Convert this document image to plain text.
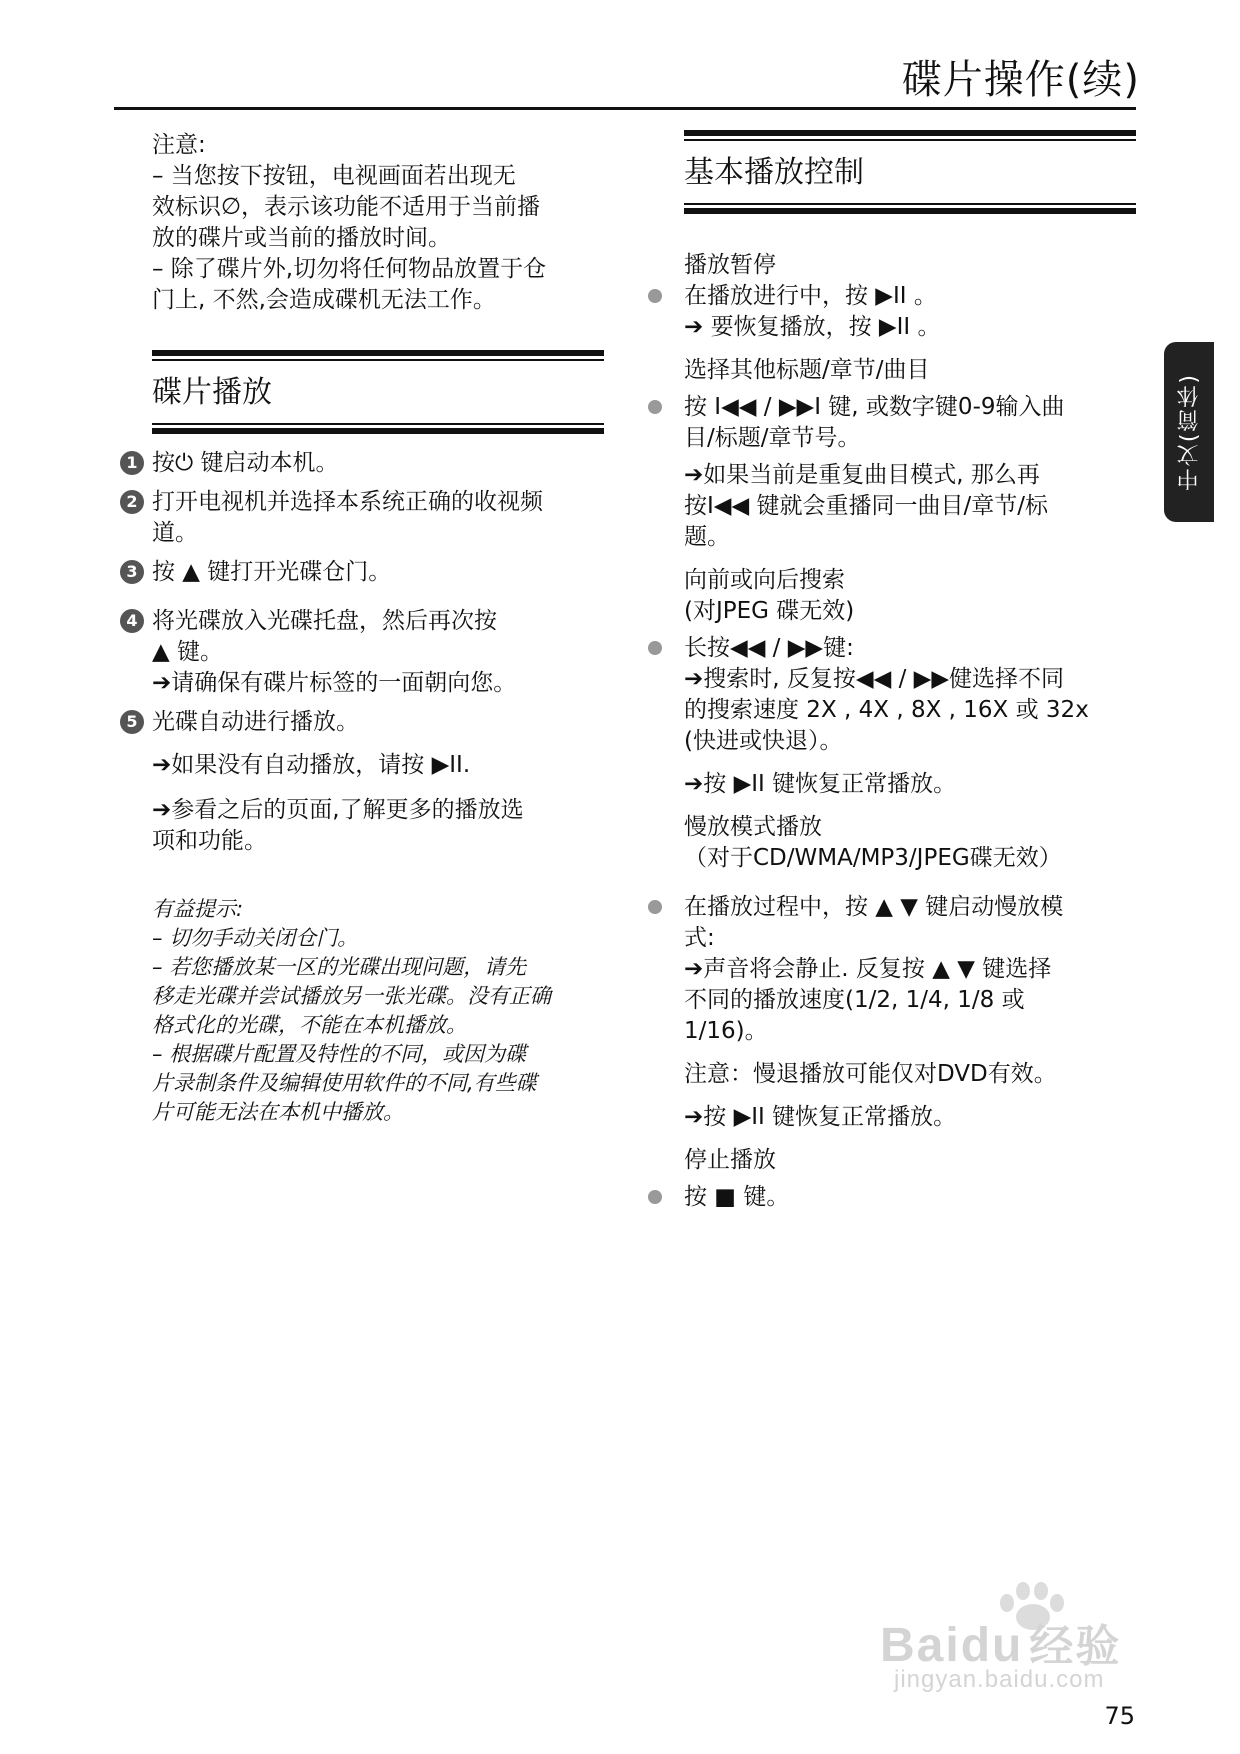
碟片操作(续)
中文(简体)

注意:

– 当您按下按钮，电视画面若出现无

效标识∅，表示该功能不适用于当前播

放的碟片或当前的播放时间。

– 除了碟片外,切勿将任何物品放置于仓

门上, 不然,会造成碟机无法工作。

碟片播放
1 按⏻ 键启动本机。

2 打开电视机并选择本系统正确的收视频

道。

3 按 ▲ 键打开光碟仓门。

4 将光碟放入光碟托盘，然后再次按

▲ 键。

➔请确保有碟片标签的一面朝向您。

5 光碟自动进行播放。

➔如果没有自动播放，请按 ▶II.

➔参看之后的页面,了解更多的播放选

项和功能。

有益提示:

– 切勿手动关闭仓门。

– 若您播放某一区的光碟出现问题，请先

移走光碟并尝试播放另一张光碟。没有正确

格式化的光碟，不能在本机播放。

– 根据碟片配置及特性的不同，或因为碟

片录制条件及编辑使用软件的不同,有些碟

片可能无法在本机中播放。

基本播放控制

播放暂停

在播放进行中，按 ▶II 。

➔ 要恢复播放，按 ▶II 。

选择其他标题/章节/曲目

按 I◀◀ / ▶▶I 键, 或数字键0-9输入曲

目/标题/章节号。

➔如果当前是重复曲目模式, 那么再

按I◀◀ 键就会重播同一曲目/章节/标

题。

向前或向后搜索

(对JPEG 碟无效)

长按◀◀ / ▶▶键:

➔搜索时, 反复按◀◀ / ▶▶健选择不同

的搜索速度 2X , 4X , 8X , 16X 或 32x

(快进或快退）。

➔按 ▶II 键恢复正常播放。

慢放模式播放

（对于CD/WMA/MP3/JPEG碟无效）

在播放过程中，按 ▲ ▼ 键启动慢放模

式:

➔声音将会静止. 反复按 ▲ ▼ 键选择

不同的播放速度(1/2, 1/4, 1/8 或

1/16)。

注意：慢退播放可能仅对DVD有效。

➔按 ▶II 键恢复正常播放。

停止播放

按 ■ 键。

Baidu 经验
jingyan.baidu.com
75
